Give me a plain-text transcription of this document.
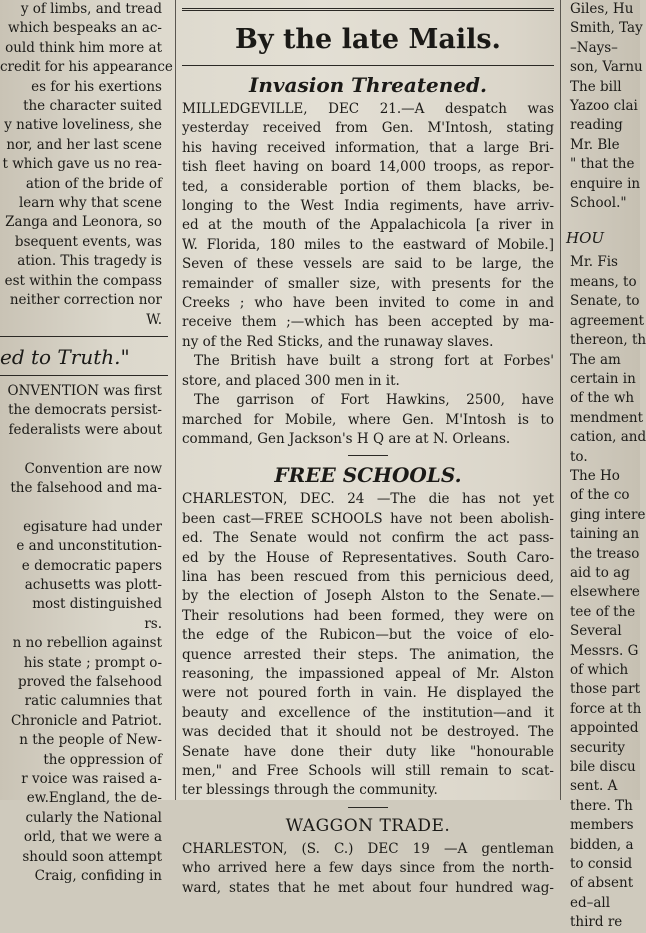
y of limbs, and tread
which bespeaks an ac-
ould think him more at
credit for his appearance
es for his exertions
the character suited
y native loveliness, she
nor, and her last scene
t which gave us no rea-
ation of the bride of
learn why that scene
Zanga and Leonora, so
bsequent events, was
ation. This tragedy is
est within the compass
neither correction nor
W.
ed to Truth."
ONVENTION was first
the democrats persist-
federalists were about

Convention are now
the falsehood and ma-

egisature had under
e and unconstitution-
e democratic papers
achusetts was plott-
most distinguished
rs.
n no rebellion against
his state ; prompt o-
proved the falsehood
ratic calumnies that
Chronicle and Patriot.
n the people of New-
the oppression of
r voice was raised a-
ew.England, the de-
cularly the National
orld, that we were a
should soon attempt
Craig, confiding in
By the late Mails.
Invasion Threatened.
MILLEDGEVILLE, DEC 21.—A despatch was
yesterday received from Gen. M'Intosh, stating
his having received information, that a large Bri-
tish fleet having on board 14,000 troops, as repor-
ted, a considerable portion of them blacks, be-
longing to the West India regiments, have arriv-
ed at the mouth of the Appalachicola [a river in
W. Florida, 180 miles to the eastward of Mobile.]
Seven of these vessels are said to be large, the
remainder of smaller size, with presents for the
Creeks ; who have been invited to come in and
receive them ;—which has been accepted by ma-
ny of the Red Sticks, and the runaway slaves.
The British have built a strong fort at Forbes'
store, and placed 300 men in it.
The garrison of Fort Hawkins, 2500, have
marched for Mobile, where Gen. M'Intosh is to
command, Gen Jackson's H Q are at N. Orleans.
FREE SCHOOLS.
CHARLESTON, DEC. 24 —The die has not yet
been cast—FREE SCHOOLS have not been abolish-
ed. The Senate would not confirm the act pass-
ed by the House of Representatives. South Caro-
lina has been rescued from this pernicious deed,
by the election of Joseph Alston to the Senate.—
Their resolutions had been formed, they were on
the edge of the Rubicon—but the voice of elo-
quence arrested their steps. The animation, the
reasoning, the impassioned appeal of Mr. Alston
were not poured forth in vain. He displayed the
beauty and excellence of the institution—and it
was decided that it should not be destroyed. The
Senate have done their duty like "honourable
men," and Free Schools will still remain to scat-
ter blessings through the community.
WAGGON TRADE.
CHARLESTON, (S. C.) DEC 19 —A gentleman
who arrived here a few days since from the north-
ward, states that he met about four hundred wag-
Giles, Hu
Smith, Tay
–Nays–
son, Varnu
The bill
Yazoo clai
reading
Mr. Ble
" that the
enquire in
School."
HOU
Mr. Fis
means, to
Senate, to
agreement
thereon, th
The am
certain in
of the wh
mendment
cation, and
to.
The Ho
of the co
ging intere
taining an
the treaso
aid to ag
elsewhere
tee of the
Several
Messrs. G
of which
those part
force at th
appointed
security
bile discu
sent. A
there. Th
members
bidden, a
to consid
of absent
ed–all
third re
